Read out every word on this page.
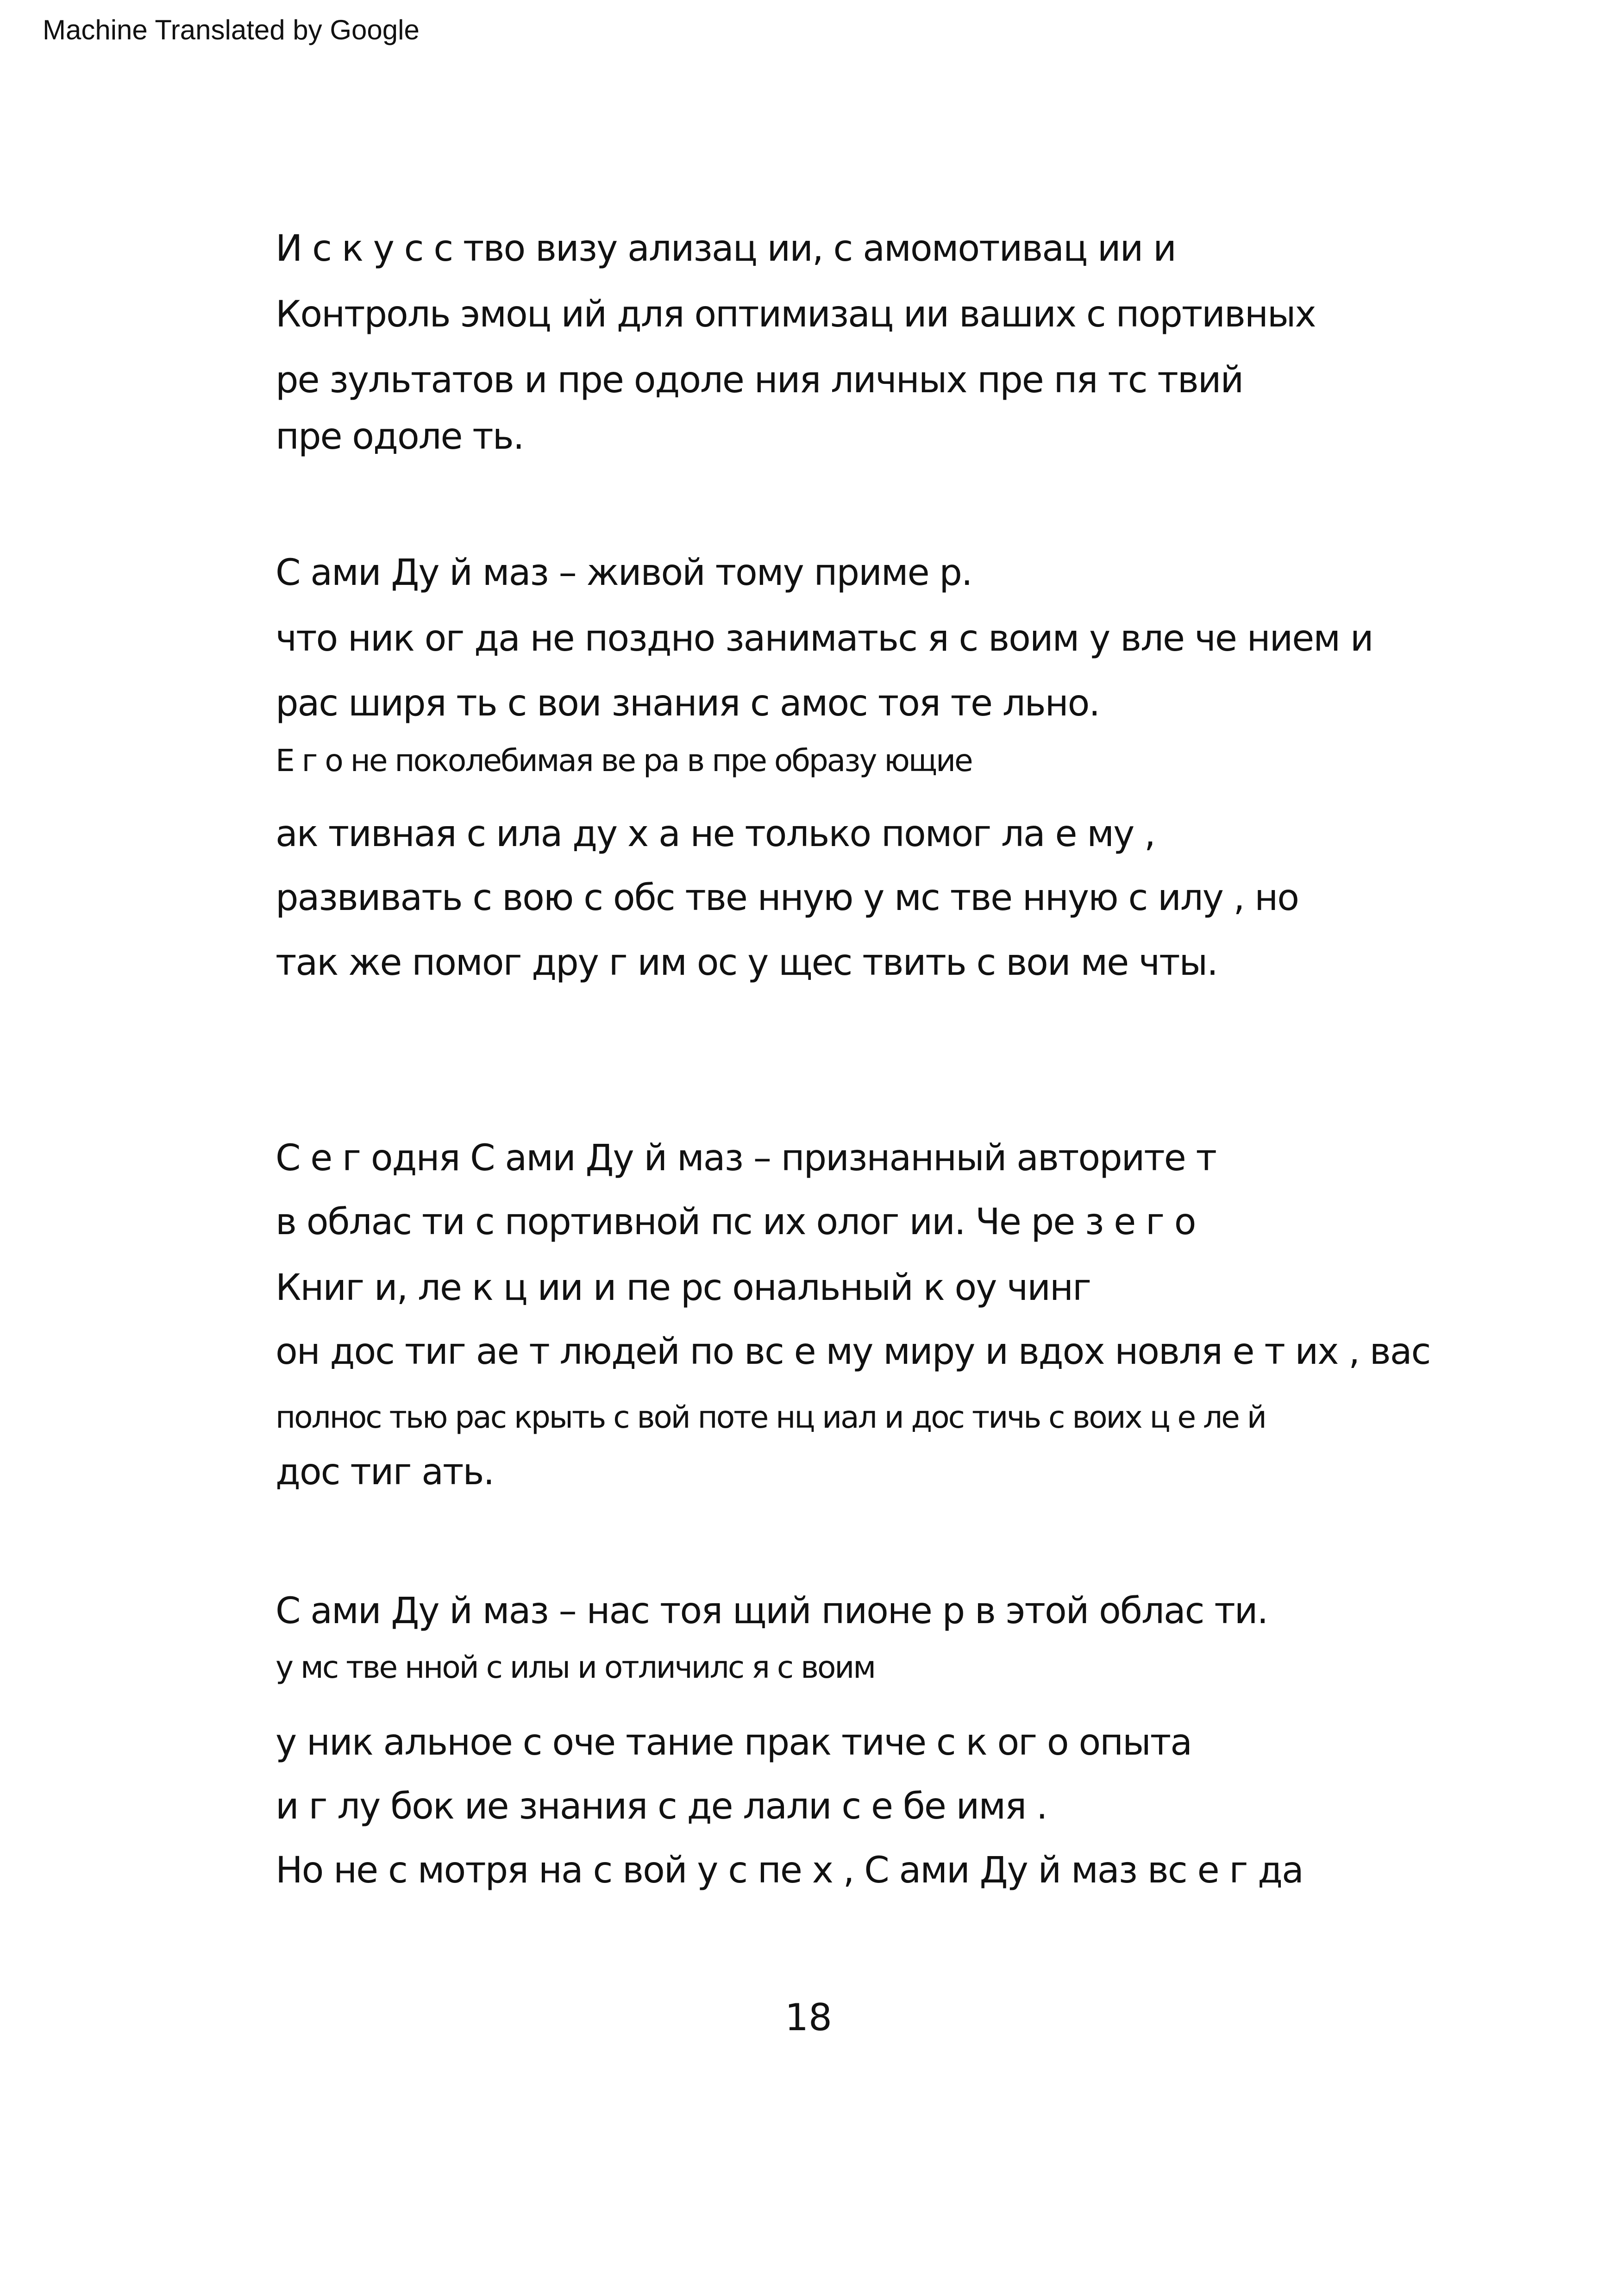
Machine Translated by Google
И с к у с с тво визу ализац ии, с амомотивац ии и
Контроль эмоц ий для оптимизац ии ваших с портивных
ре зультатов и пре одоле ния личных пре пя тс твий
пре одоле ть.
С ами Ду й маз – живой тому приме р.
что ник ог да не поздно заниматьс я с воим у вле че нием и
рас ширя ть с вои знания с амос тоя те льно.
Е г о не поколебимая ве ра в пре образу ющие
ак тивная с ила ду х а не только помог ла е му ,
развивать с вою с обс тве нную у мс тве нную с илу , но
так же помог дру г им ос у щес твить с вои ме чты.
С е г одня С ами Ду й маз – признанный авторите т
в облас ти с портивной пс их олог ии. Че ре з е г о
Книг и, ле к ц ии и пе рс ональный к оу чинг
он дос тиг ае т людей по вс е му миру и вдох новля е т их , вас
полнос тью рас крыть с вой поте нц иал и дос тичь с воих ц е ле й
дос тиг ать.
С ами Ду й маз – нас тоя щий пионе р в этой облас ти.
у мс тве нной с илы и отличилс я с воим
у ник альное с оче тание прак тиче с к ог о опыта
и г лу бок ие знания с де лали с е бе имя .
Но не с мотря на с вой у с пе х , С ами Ду й маз вс е г да
18
